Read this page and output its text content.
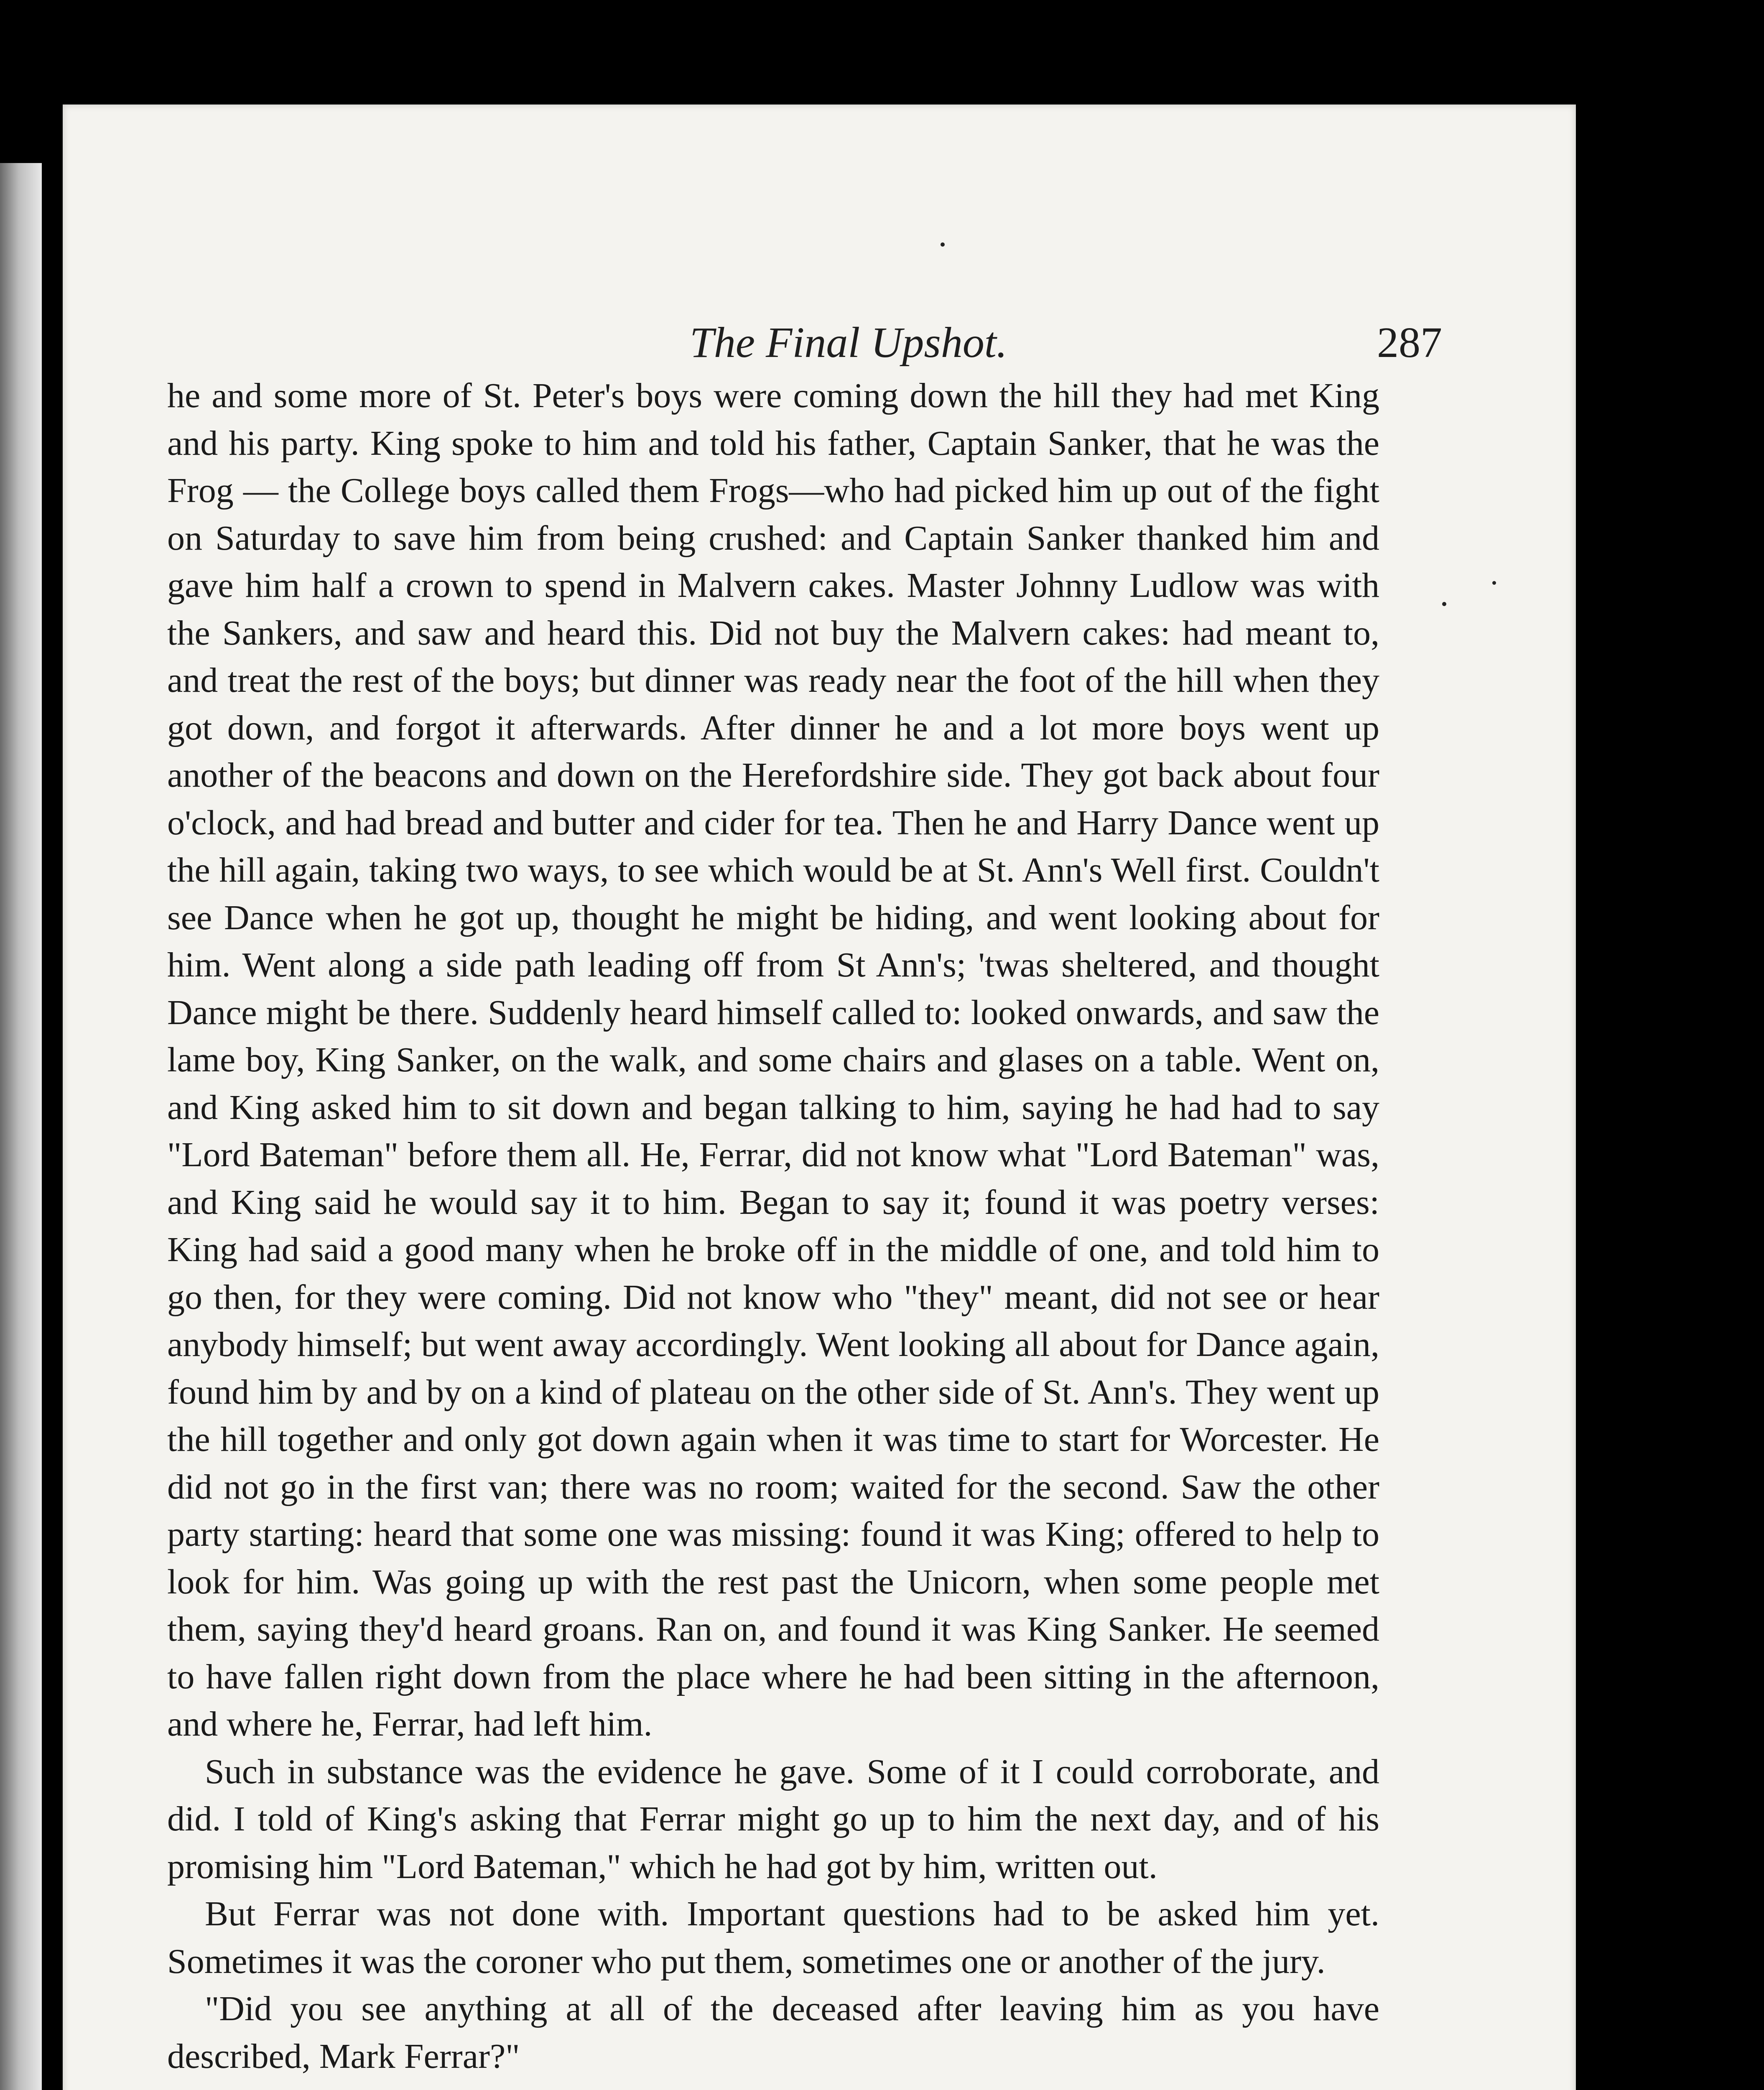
The Final Upshot.	287

he and some more of St. Peter's boys were coming down the hill they had met King and his party. King spoke to him and told his father, Captain Sanker, that he was the Frog — the College boys called them Frogs—who had picked him up out of the fight on Saturday to save him from being crushed: and Captain Sanker thanked him and gave him half a crown to spend in Malvern cakes. Master Johnny Ludlow was with the Sankers, and saw and heard this. Did not buy the Malvern cakes: had meant to, and treat the rest of the boys; but dinner was ready near the foot of the hill when they got down, and forgot it afterwards. After dinner he and a lot more boys went up another of the beacons and down on the Herefordshire side. They got back about four o'clock, and had bread and butter and cider for tea. Then he and Harry Dance went up the hill again, taking two ways, to see which would be at St. Ann's Well first. Couldn't see Dance when he got up, thought he might be hiding, and went looking about for him. Went along a side path leading off from St Ann's; 'twas sheltered, and thought Dance might be there. Suddenly heard himself called to: looked onwards, and saw the lame boy, King Sanker, on the walk, and some chairs and glases on a table. Went on, and King asked him to sit down and began talking to him, saying he had had to say "Lord Bateman" before them all. He, Ferrar, did not know what "Lord Bateman" was, and King said he would say it to him. Began to say it; found it was poetry verses: King had said a good many when he broke off in the middle of one, and told him to go then, for they were coming. Did not know who "they" meant, did not see or hear anybody himself; but went away accordingly. Went looking all about for Dance again, found him by and by on a kind of plateau on the other side of St. Ann's. They went up the hill together and only got down again when it was time to start for Worcester. He did not go in the first van; there was no room; waited for the second. Saw the other party starting: heard that some one was missing: found it was King; offered to help to look for him. Was going up with the rest past the Unicorn, when some people met them, saying they'd heard groans. Ran on, and found it was King Sanker. He seemed to have fallen right down from the place where he had been sitting in the afternoon, and where he, Ferrar, had left him.

Such in substance was the evidence he gave. Some of it I could corroborate, and did. I told of King's asking that Ferrar might go up to him the next day, and of his promising him "Lord Bateman," which he had got by him, written out.

But Ferrar was not done with. Important questions had to be asked him yet. Sometimes it was the coroner who put them, sometimes one or another of the jury.

"Did you see anything at all of the deceased after leaving him as you have described, Mark Ferrar?"
